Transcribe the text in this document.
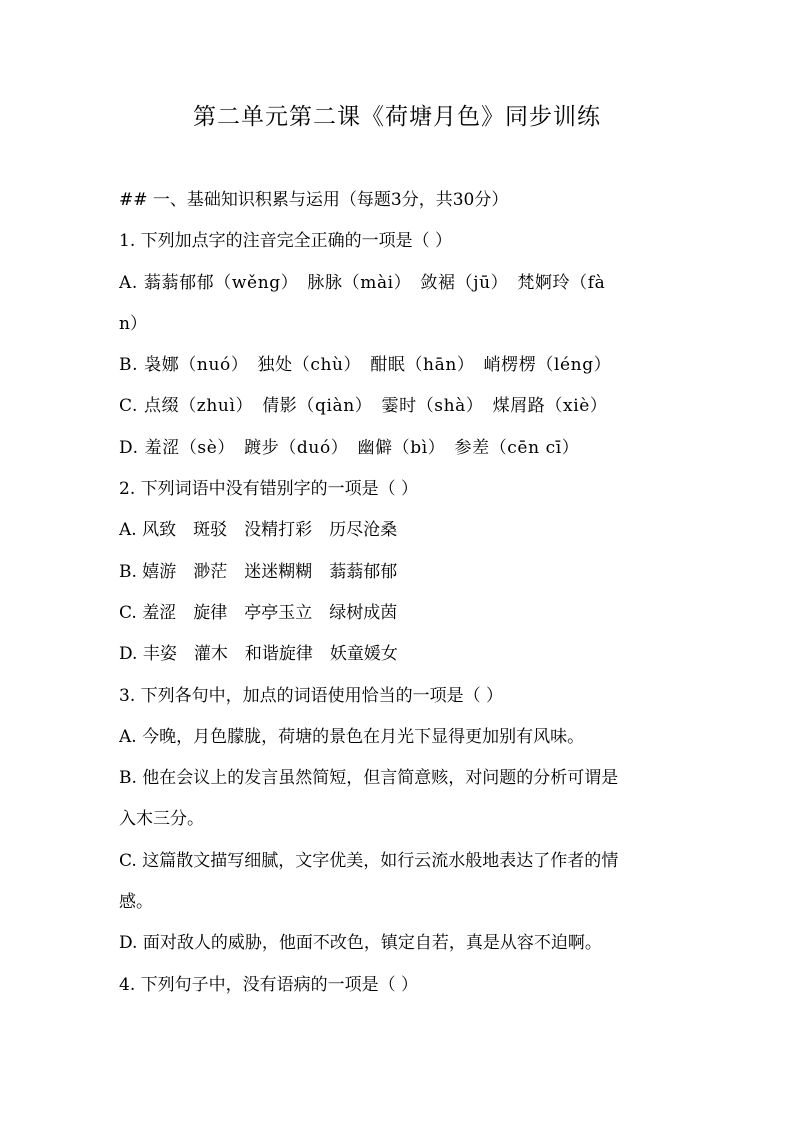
第二单元第二课《荷塘月色》同步训练
## 一、基础知识积累与运用（每题3分，共30分）
1. 下列加点字的注音完全正确的一项是（ ）
A. 蓊蓊郁郁（wěng）　脉脉（mài）　敛裾（jū）　梵婀玲（fà
n）
B. 袅娜（nuó）　独处（chù）　酣眠（hān）　峭楞楞（léng）
C. 点缀（zhuì）　倩影（qiàn）　霎时（shà）　煤屑路（xiè）
D. 羞涩（sè）　踱步（duó）　幽僻（bì）　参差（cēn cī）
2. 下列词语中没有错别字的一项是（ ）
A. 风致　斑驳　没精打彩　历尽沧桑
B. 嬉游　渺茫　迷迷糊糊　蓊蓊郁郁
C. 羞涩　旋律　亭亭玉立　绿树成茵
D. 丰姿　灌木　和谐旋律　妖童媛女
3. 下列各句中，加点的词语使用恰当的一项是（ ）
A. 今晚，月色朦胧，荷塘的景色在月光下显得更加别有风味。
B. 他在会议上的发言虽然简短，但言简意赅，对问题的分析可谓是
入木三分。
C. 这篇散文描写细腻，文字优美，如行云流水般地表达了作者的情
感。
D. 面对敌人的威胁，他面不改色，镇定自若，真是从容不迫啊。
4. 下列句子中，没有语病的一项是（ ）
